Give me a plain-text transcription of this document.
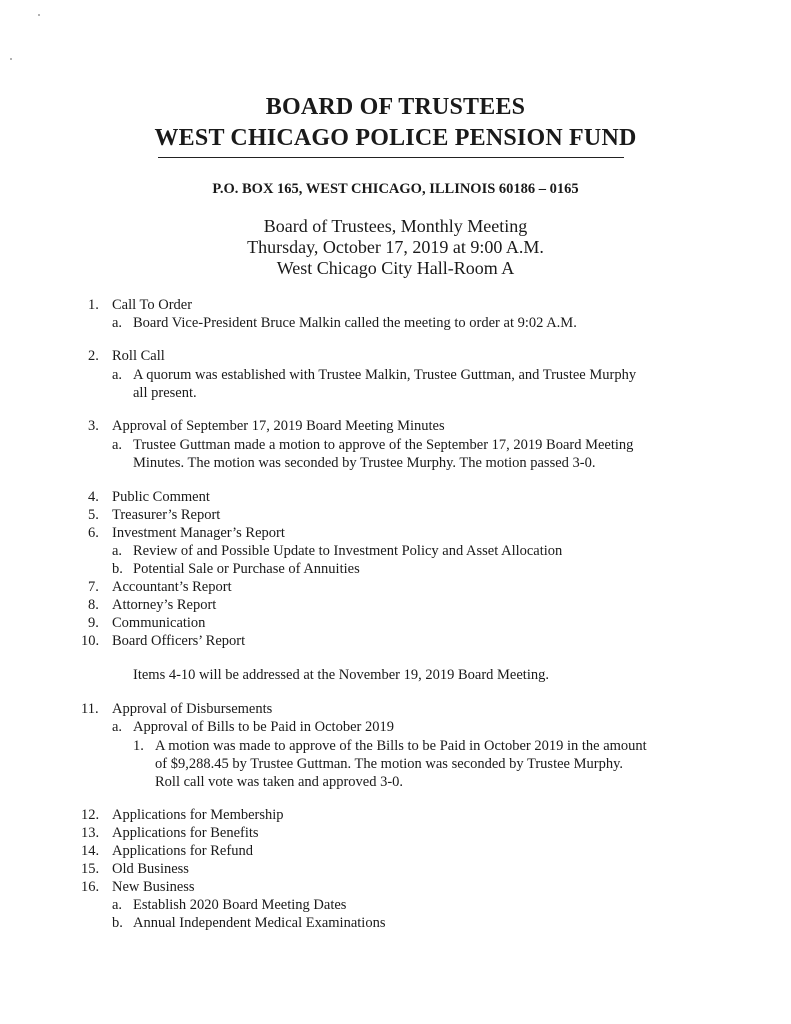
BOARD OF TRUSTEES
WEST CHICAGO POLICE PENSION FUND
P.O. BOX 165, WEST CHICAGO, ILLINOIS 60186 – 0165
Board of Trustees, Monthly Meeting
Thursday, October 17, 2019 at 9:00 A.M.
West Chicago City Hall-Room A
1. Call To Order
a. Board Vice-President Bruce Malkin called the meeting to order at 9:02 A.M.
2. Roll Call
a. A quorum was established with Trustee Malkin, Trustee Guttman, and Trustee Murphy
all present.
3. Approval of September 17, 2019 Board Meeting Minutes
a. Trustee Guttman made a motion to approve of the September 17, 2019 Board Meeting
Minutes. The motion was seconded by Trustee Murphy. The motion passed 3-0.
4. Public Comment
5. Treasurer’s Report
6. Investment Manager’s Report
a. Review of and Possible Update to Investment Policy and Asset Allocation
b. Potential Sale or Purchase of Annuities
7. Accountant’s Report
8. Attorney’s Report
9. Communication
10. Board Officers’ Report
Items 4-10 will be addressed at the November 19, 2019 Board Meeting.
11. Approval of Disbursements
a. Approval of Bills to be Paid in October 2019
1. A motion was made to approve of the Bills to be Paid in October 2019 in the amount
of $9,288.45 by Trustee Guttman. The motion was seconded by Trustee Murphy.
Roll call vote was taken and approved 3-0.
12. Applications for Membership
13. Applications for Benefits
14. Applications for Refund
15. Old Business
16. New Business
a. Establish 2020 Board Meeting Dates
b. Annual Independent Medical Examinations
